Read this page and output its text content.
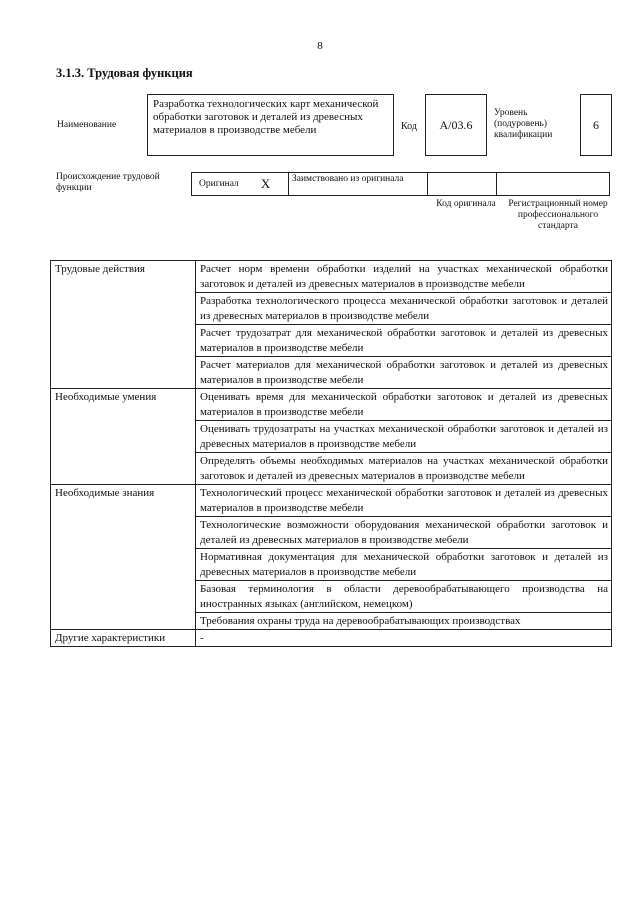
8
3.1.3. Трудовая функция
Наименование
Разработка технологических карт механической обработки заготовок и деталей из древесных материалов в производстве мебели	Код	A/03.6
Уровень (подуровень) квалификации
6
Происхождение трудовой функции	Оригинал X	Заимствовано из оригинала
Код оригинала	Регистрационный номер профессионального стандарта
Трудовые действия	Расчет норм времени обработки изделий на участках механической обработки заготовок и деталей из древесных материалов в производстве мебели
	Разработка технологического процесса механической обработки заготовок и деталей из древесных материалов в производстве мебели
	Расчет трудозатрат для механической обработки заготовок и деталей из древесных материалов в производстве мебели
	Расчет материалов для механической обработки заготовок и деталей из древесных материалов в производстве мебели
Необходимые умения	Оценивать время для механической обработки заготовок и деталей из древесных материалов в производстве мебели
	Оценивать трудозатраты на участках механической обработки заготовок и деталей из древесных материалов в производстве мебели
	Определять объемы необходимых материалов на участках механической обработки заготовок и деталей из древесных материалов в производстве мебели
Необходимые знания	Технологический процесс механической обработки заготовок и деталей из древесных материалов в производстве мебели
	Технологические возможности оборудования механической обработки заготовок и деталей из древесных материалов в производстве мебели
	Нормативная документация для механической обработки заготовок и деталей из древесных материалов в производстве мебели
	Базовая терминология в области деревообрабатывающего производства на иностранных языках (английском, немецком)
	Требования охраны труда на деревообрабатывающих производствах
Другие характеристики	-
